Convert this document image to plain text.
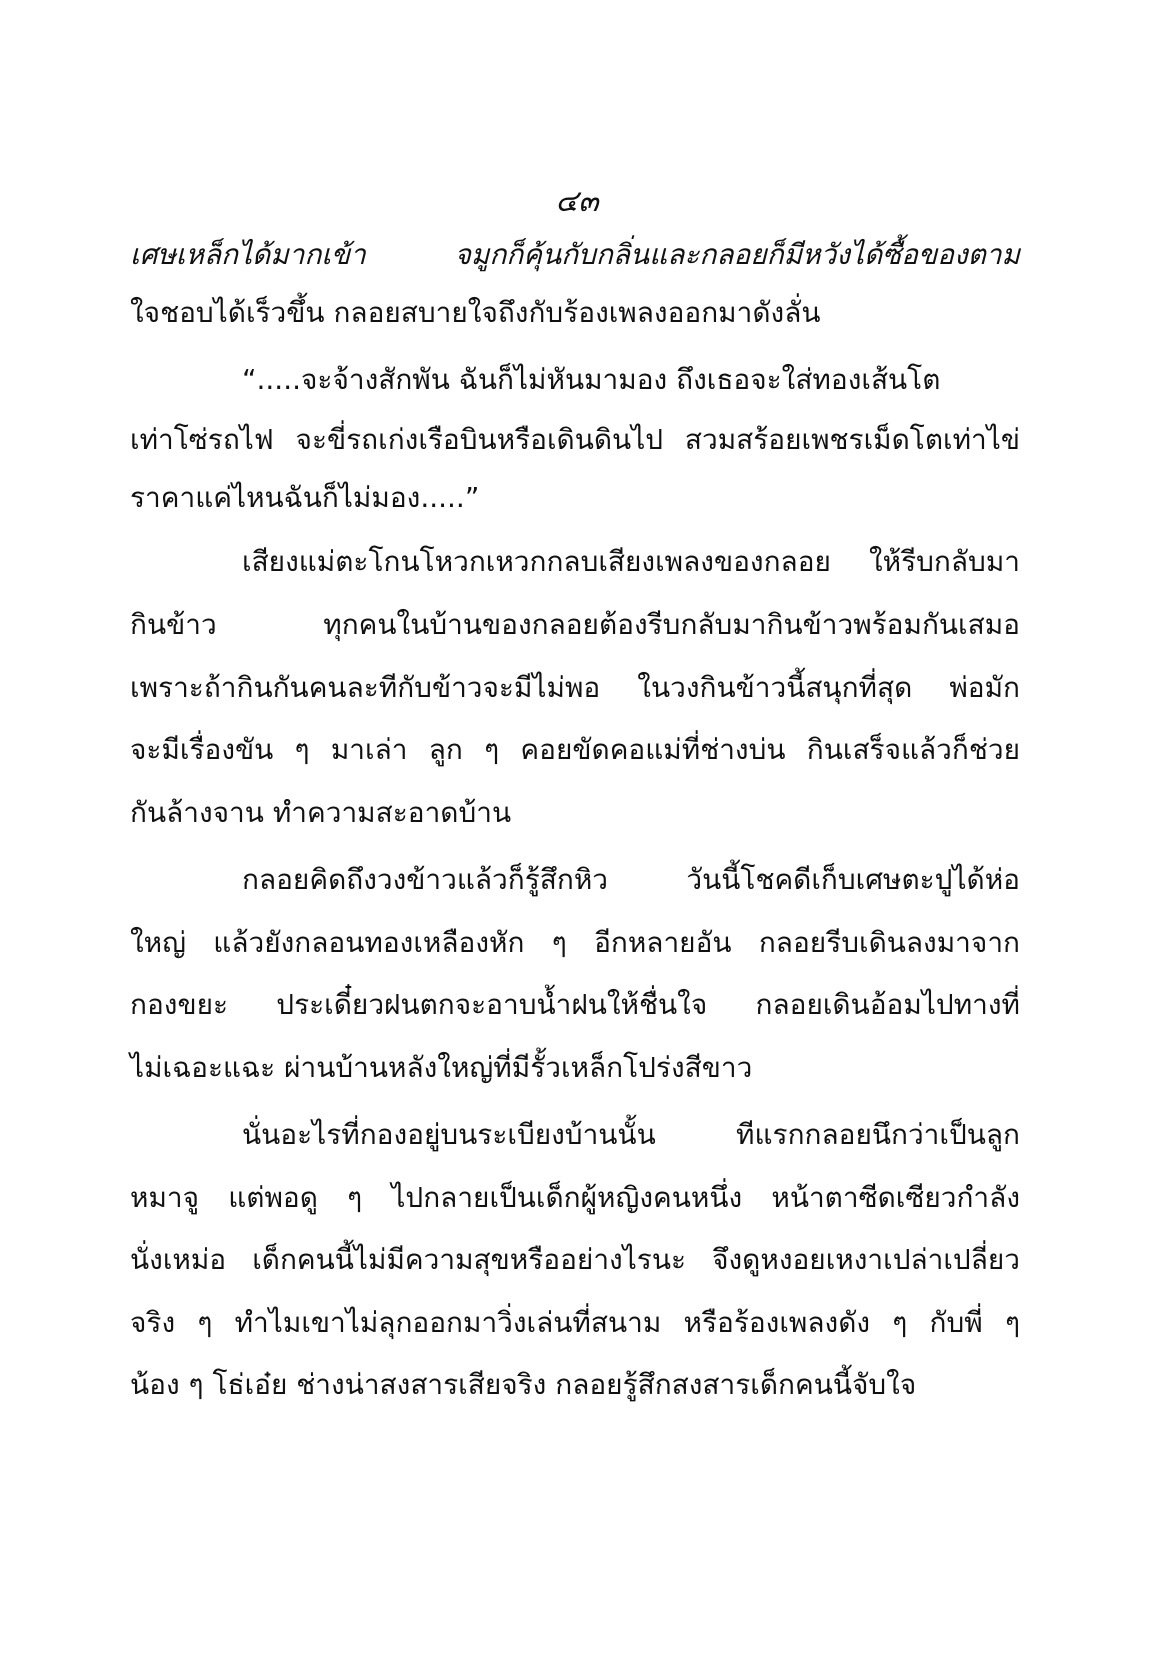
๔๓
เศษเหล็กได้มากเข้า จมูกก็คุ้นกับกลิ่นและกลอยก็มีหวังได้ซื้อของตาม
ใจชอบได้เร็วขึ้น กลอยสบายใจถึงกับร้องเพลงออกมาดังลั่น
“.....จะจ้างสักพัน ฉันก็ไม่หันมามอง ถึงเธอจะใส่ทองเส้นโต
เท่าโซ่รถไฟ จะขี่รถเก่งเรือบินหรือเดินดินไป สวมสร้อยเพชรเม็ดโตเท่าไข่
ราคาแค่ไหนฉันก็ไม่มอง.....”
เสียงแม่ตะโกนโหวกเหวกกลบเสียงเพลงของกลอย ให้รีบกลับมา
กินข้าว ทุกคนในบ้านของกลอยต้องรีบกลับมากินข้าวพร้อมกันเสมอ
เพราะถ้ากินกันคนละทีกับข้าวจะมีไม่พอ ในวงกินข้าวนี้สนุกที่สุด พ่อมัก
จะมีเรื่องขัน ๆ มาเล่า ลูก ๆ คอยขัดคอแม่ที่ช่างบ่น กินเสร็จแล้วก็ช่วย
กันล้างจาน ทำความสะอาดบ้าน
กลอยคิดถึงวงข้าวแล้วก็รู้สึกหิว วันนี้โชคดีเก็บเศษตะปูได้ห่อ
ใหญ่ แล้วยังกลอนทองเหลืองหัก ๆ อีกหลายอัน กลอยรีบเดินลงมาจาก
กองขยะ ประเดี๋ยวฝนตกจะอาบน้ำฝนให้ชื่นใจ กลอยเดินอ้อมไปทางที่
ไม่เฉอะแฉะ ผ่านบ้านหลังใหญ่ที่มีรั้วเหล็กโปร่งสีขาว
นั่นอะไรที่กองอยู่บนระเบียงบ้านนั้น ทีแรกกลอยนึกว่าเป็นลูก
หมาจู แต่พอดู ๆ ไปกลายเป็นเด็กผู้หญิงคนหนึ่ง หน้าตาซีดเซียวกำลัง
นั่งเหม่อ เด็กคนนี้ไม่มีความสุขหรืออย่างไรนะ จึงดูหงอยเหงาเปล่าเปลี่ยว
จริง ๆ ทำไมเขาไม่ลุกออกมาวิ่งเล่นที่สนาม หรือร้องเพลงดัง ๆ กับพี่ ๆ
น้อง ๆ โธ่เอ๋ย ช่างน่าสงสารเสียจริง กลอยรู้สึกสงสารเด็กคนนี้จับใจ
